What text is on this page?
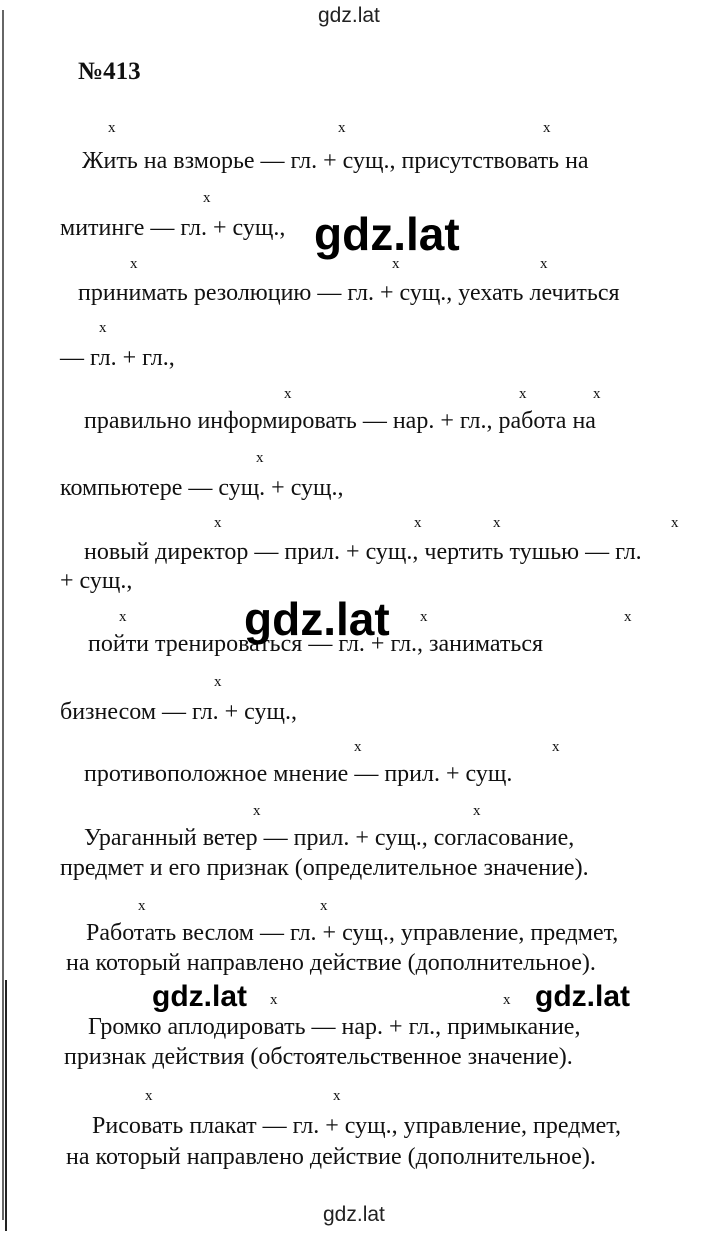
gdz.lat
№413
x	x	x
Жить на взморье — гл. + сущ., присутствовать на
x
митинге — гл. + сущ.,
x	x	x
принимать резолюцию — гл. + сущ., уехать лечиться
x
— гл. + гл.,
x	x	x
правильно информировать — нар. + гл., работа на
x
компьютере — сущ. + сущ.,
x	x	x	x
новый директор — прил. + сущ., чертить тушью — гл.
+ сущ.,
x	x	x
пойти тренироваться — гл. + гл., заниматься
x
бизнесом — гл. + сущ.,
x	x
противоположное мнение — прил. + сущ.
x	x
Ураганный ветер — прил. + сущ., согласование,
предмет и его признак (определительное значение).
x	x
Работать веслом — гл. + сущ., управление, предмет,
на который направлено действие (дополнительное).
x	x
Громко аплодировать — нар. + гл., примыкание,
признак действия (обстоятельственное значение).
x	x
Рисовать плакат — гл. + сущ., управление, предмет,
на который направлено действие (дополнительное).
gdz.lat
gdz.lat
gdz.lat	gdz.lat
gdz.lat
